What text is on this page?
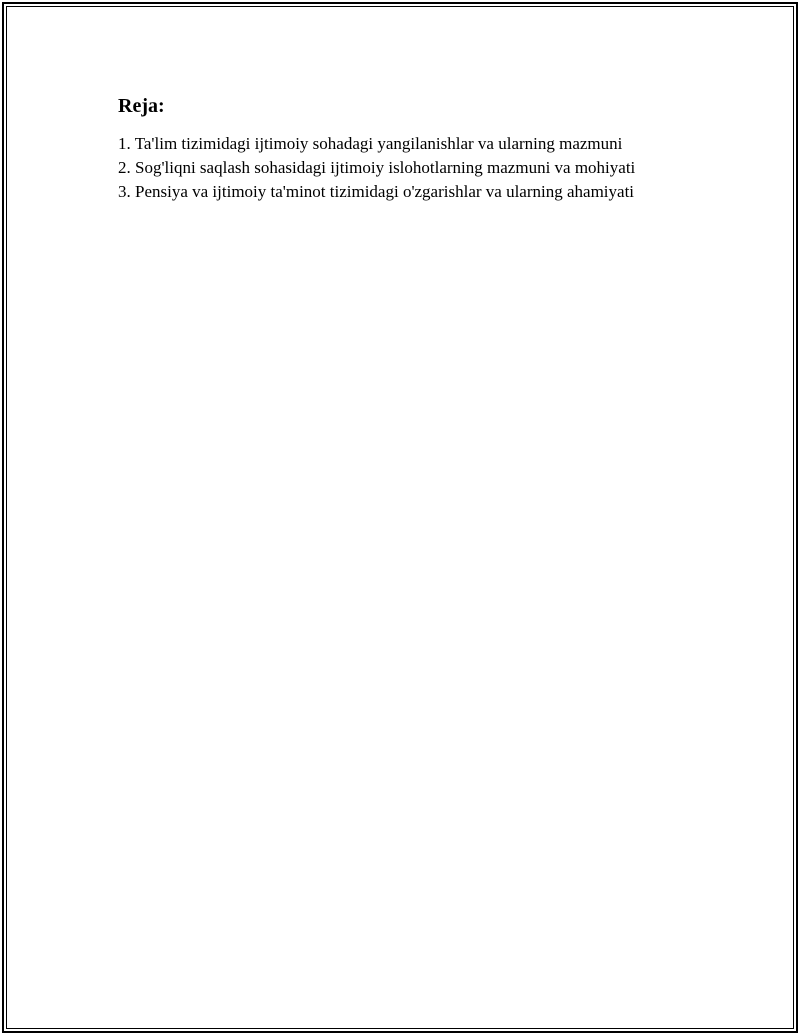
Reja:
1. Ta'lim tizimidagi ijtimoiy sohadagi yangilanishlar va ularning mazmuni
2. Sog'liqni saqlash sohasidagi ijtimoiy islohotlarning mazmuni va mohiyati
3. Pensiya va ijtimoiy ta'minot tizimidagi o'zgarishlar va ularning ahamiyati
